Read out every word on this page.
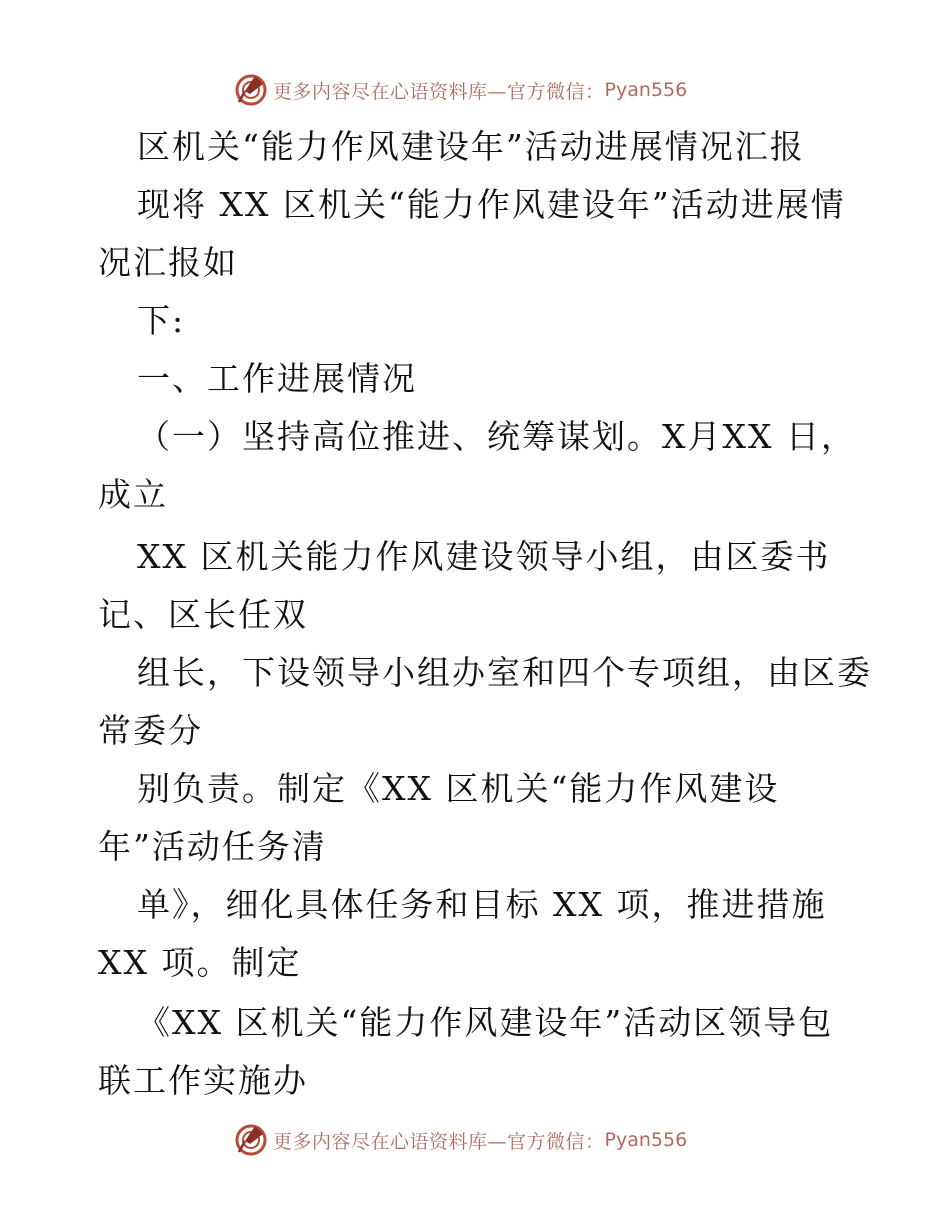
更多内容尽在心语资料库—官方微信： Pyan556
区机关“能力作风建设年”活动进展情况汇报
现将 XX 区机关“能力作风建设年”活动进展情
况汇报如
下:
一、工作进展情况
（一）坚持高位推进、统筹谋划。X月XX 日，
成立
XX 区机关能力作风建设领导小组，由区委书
记、区长任双
组长，下设领导小组办室和四个专项组，由区委
常委分
别负责。制定《XX 区机关“能力作风建设
年”活动任务清
单》，细化具体任务和目标 XX 项，推进措施
XX 项。制定
《XX 区机关“能力作风建设年”活动区领导包
联工作实施办
更多内容尽在心语资料库—官方微信： Pyan556
